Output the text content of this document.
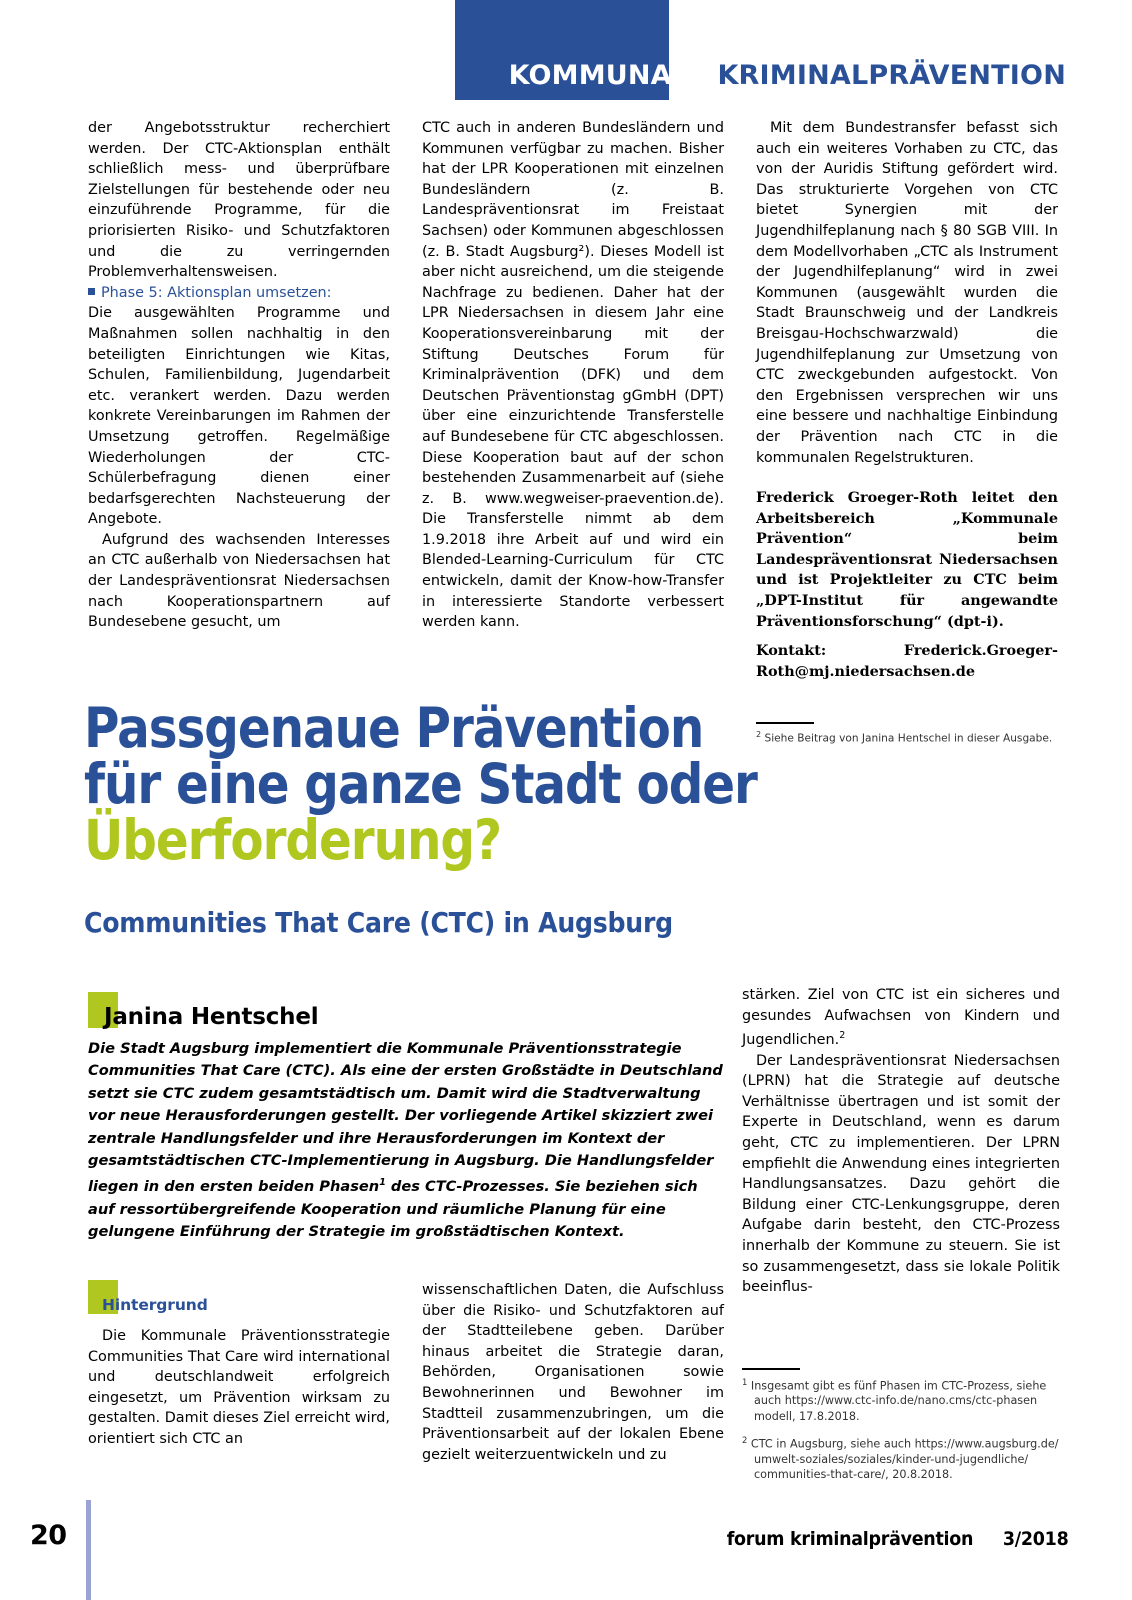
KOMMUNALE
KRIMINALPRÄVENTION

der Angebotsstruktur recherchiert werden. Der CTC-Aktionsplan enthält schließlich mess- und überprüfbare Zielstellungen für bestehende oder neu einzuführende Programme, für die priorisierten Risiko- und Schutzfaktoren und die zu verringernden Problemverhaltensweisen.

Phase 5: Aktionsplan umsetzen:

Die ausgewählten Programme und Maßnahmen sollen nachhaltig in den beteiligten Einrichtungen wie Kitas, Schulen, Familienbildung, Jugendarbeit etc. verankert werden. Dazu werden konkrete Vereinbarungen im Rahmen der Umsetzung getroffen. Regelmäßige Wiederholungen der CTC-Schülerbefragung dienen einer bedarfsgerechten Nachsteuerung der Angebote.

Aufgrund des wachsenden Interesses an CTC außerhalb von Niedersachsen hat der Landespräventionsrat Niedersachsen nach Kooperationspartnern auf Bundesebene gesucht, um

CTC auch in anderen Bundesländern und Kommunen verfügbar zu machen. Bisher hat der LPR Kooperationen mit einzelnen Bundesländern (z. B. Landespräventionsrat im Freistaat Sachsen) oder Kommunen abgeschlossen (z. B. Stadt Augsburg²). Dieses Modell ist aber nicht ausreichend, um die steigende Nachfrage zu bedienen. Daher hat der LPR Niedersachsen in diesem Jahr eine Kooperationsvereinbarung mit der Stiftung Deutsches Forum für Kriminalprävention (DFK) und dem Deutschen Präventionstag gGmbH (DPT) über eine einzurichtende Transferstelle auf Bundesebene für CTC abgeschlossen. Diese Kooperation baut auf der schon bestehenden Zusammenarbeit auf (siehe z. B. www.wegweiser-praevention.de). Die Transferstelle nimmt ab dem 1.9.2018 ihre Arbeit auf und wird ein Blended-Learning-Curriculum für CTC entwickeln, damit der Know-how-Transfer in interessierte Standorte verbessert werden kann.

Mit dem Bundestransfer befasst sich auch ein weiteres Vorhaben zu CTC, das von der Auridis Stiftung gefördert wird. Das strukturierte Vorgehen von CTC bietet Synergien mit der Jugendhilfeplanung nach § 80 SGB VIII. In dem Modellvorhaben „CTC als Instrument der Jugendhilfeplanung“ wird in zwei Kommunen (ausgewählt wurden die Stadt Braunschweig und der Landkreis Breisgau-Hochschwarzwald) die Jugendhilfeplanung zur Umsetzung von CTC zweckgebunden aufgestockt. Von den Ergebnissen versprechen wir uns eine bessere und nachhaltige Einbindung der Prävention nach CTC in die kommunalen Regelstrukturen.

Frederick Groeger-Roth leitet den Arbeitsbereich „Kommunale Prävention“ beim Landespräventionsrat Niedersachsen und ist Projektleiter zu CTC beim „DPT-Institut für angewandte Präventionsforschung“ (dpt-i).

Kontakt: Frederick.Groeger-Roth@mj.niedersachsen.de

$^2$ Siehe Beitrag von Janina Hentschel in dieser Ausgabe.
Passgenaue Prävention
für eine ganze Stadt oder
Überforderung?
Communities That Care (CTC) in Augsburg
Janina Hentschel
Die Stadt Augsburg implementiert die Kommunale Präventionsstrategie Communities That Care (CTC). Als eine der ersten Großstädte in Deutschland setzt sie CTC zudem gesamtstädtisch um. Damit wird die Stadtverwaltung vor neue Herausforderungen gestellt. Der vorliegende Artikel skizziert zwei zentrale Handlungsfelder und ihre Herausforderungen im Kontext der gesamtstädtischen CTC-Implementierung in Augsburg. Die Handlungsfelder liegen in den ersten beiden Phasen$^1$ des CTC-Prozesses. Sie beziehen sich auf ressortübergreifende Kooperation und räumliche Planung für eine gelungene Einführung der Strategie im großstädtischen Kontext.
Hintergrund

Die Kommunale Präventionsstrategie Communities That Care wird international und deutschlandweit erfolgreich eingesetzt, um Prävention wirksam zu gestalten. Damit dieses Ziel erreicht wird, orientiert sich CTC an

wissenschaftlichen Daten, die Aufschluss über die Risiko- und Schutzfaktoren auf der Stadtteilebene geben. Darüber hinaus arbeitet die Strategie daran, Behörden, Organisationen sowie Bewohnerinnen und Bewohner im Stadtteil zusammenzubringen, um die Präventionsarbeit auf der lokalen Ebene gezielt weiterzuentwickeln und zu

stärken. Ziel von CTC ist ein sicheres und gesundes Aufwachsen von Kindern und Jugendlichen.$^2$

Der Landespräventionsrat Niedersachsen (LPRN) hat die Strategie auf deutsche Verhältnisse übertragen und ist somit der Experte in Deutschland, wenn es darum geht, CTC zu implementieren. Der LPRN empfiehlt die Anwendung eines integrierten Handlungsansatzes. Dazu gehört die Bildung einer CTC-Lenkungsgruppe, deren Aufgabe darin besteht, den CTC-Prozess innerhalb der Kommune zu steuern. Sie ist so zusammengesetzt, dass sie lokale Politik beeinflus-

$^1$ Insgesamt gibt es fünf Phasen im CTC-Prozess, siehe auch https://www.ctc-info.de/nano.cms/ctc-phasen modell, 17.8.2018.
$^2$ CTC in Augsburg, siehe auch https://www.augsburg.de/ umwelt-soziales/soziales/kinder-und-jugendliche/ communities-that-care/, 20.8.2018.
20	forum kriminalprävention 3/2018
